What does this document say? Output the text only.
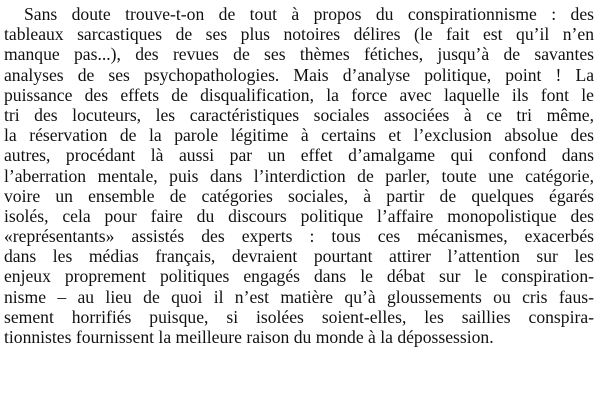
Sans doute trouve-t-on de tout à propos du conspirationnisme : des
tableaux sarcastiques de ses plus notoires délires (le fait est qu’il n’en
manque pas...), des revues de ses thèmes fétiches, jusqu’à de savantes
analyses de ses psychopathologies. Mais d’analyse politique, point ! La
puissance des effets de disqualification, la force avec laquelle ils font le
tri des locuteurs, les caractéristiques sociales associées à ce tri même,
la réservation de la parole légitime à certains et l’exclusion absolue des
autres, procédant là aussi par un effet d’amalgame qui confond dans
l’aberration mentale, puis dans l’interdiction de parler, toute une catégorie,
voire un ensemble de catégories sociales, à partir de quelques égarés
isolés, cela pour faire du discours politique l’affaire monopolistique des
«représentants» assistés des experts : tous ces mécanismes, exacerbés
dans les médias français, devraient pourtant attirer l’attention sur les
enjeux proprement politiques engagés dans le débat sur le conspiration-
nisme – au lieu de quoi il n’est matière qu’à gloussements ou cris faus-
sement horrifiés puisque, si isolées soient-elles, les saillies conspira-
tionnistes fournissent la meilleure raison du monde à la dépossession.
